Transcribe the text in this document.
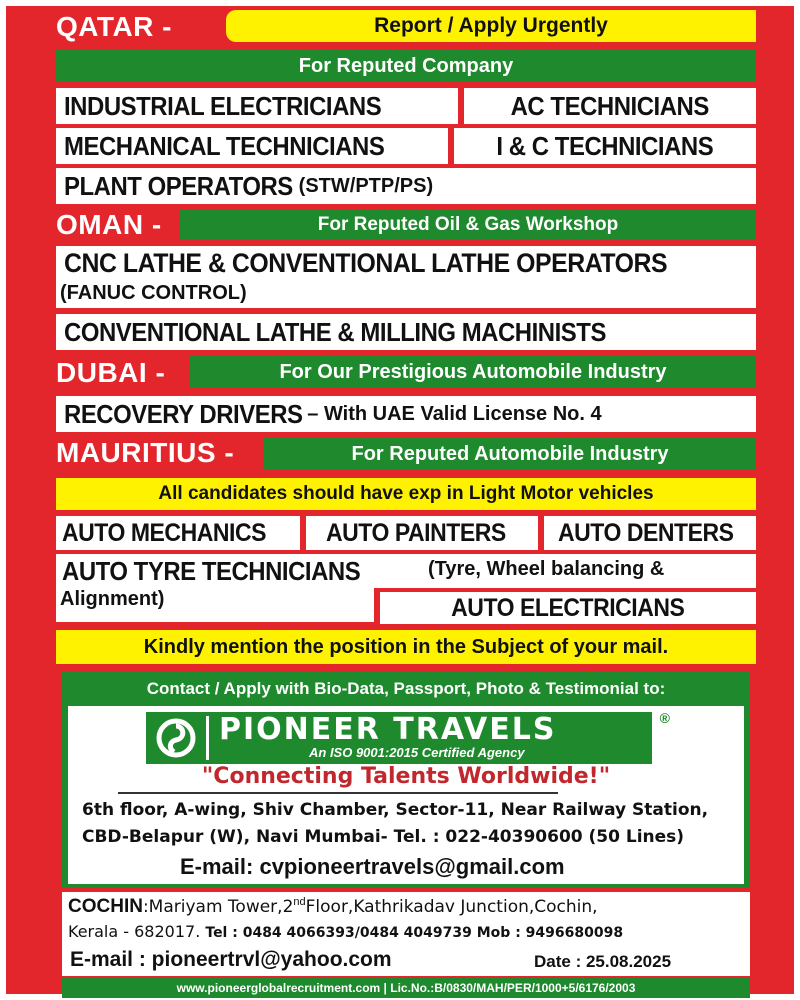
QATAR -	Report / Apply Urgently
For Reputed Company
INDUSTRIAL ELECTRICIANS	AC TECHNICIANS
MECHANICAL TECHNICIANS	I & C TECHNICIANS
PLANT OPERATORS (STW/PTP/PS)
OMAN -	For Reputed Oil & Gas Workshop
CNC LATHE & CONVENTIONAL LATHE OPERATORS
(FANUC CONTROL)
CONVENTIONAL LATHE & MILLING MACHINISTS
DUBAI -	For Our Prestigious Automobile Industry
RECOVERY DRIVERS – With UAE Valid License No. 4
MAURITIUS -	For Reputed Automobile Industry
All candidates should have exp in Light Motor vehicles
AUTO MECHANICS AUTO PAINTERS AUTO DENTERS
AUTO TYRE TECHNICIANS	(Tyre, Wheel balancing &
Alignment)	AUTO ELECTRICIANS
Kindly mention the position in the Subject of your mail.
Contact / Apply with Bio-Data, Passport, Photo & Testimonial to:
PIONEER TRAVELS
An ISO 9001:2015 Certified Agency
®
"Connecting Talents Worldwide!"
6th floor, A-wing, Shiv Chamber, Sector-11, Near Railway Station,
CBD-Belapur (W), Navi Mumbai- Tel. : 022-40390600 (50 Lines)
E-mail: cvpioneertravels@gmail.com
COCHIN:Mariyam Tower,2ndFloor,Kathrikadav Junction,Cochin,
Kerala - 682017. Tel : 0484 4066393/0484 4049739 Mob : 9496680098
E-mail : pioneertrvl@yahoo.com	Date : 25.08.2025
www.pioneerglobalrecruitment.com | Lic.No.:B/0830/MAH/PER/1000+5/6176/2003
